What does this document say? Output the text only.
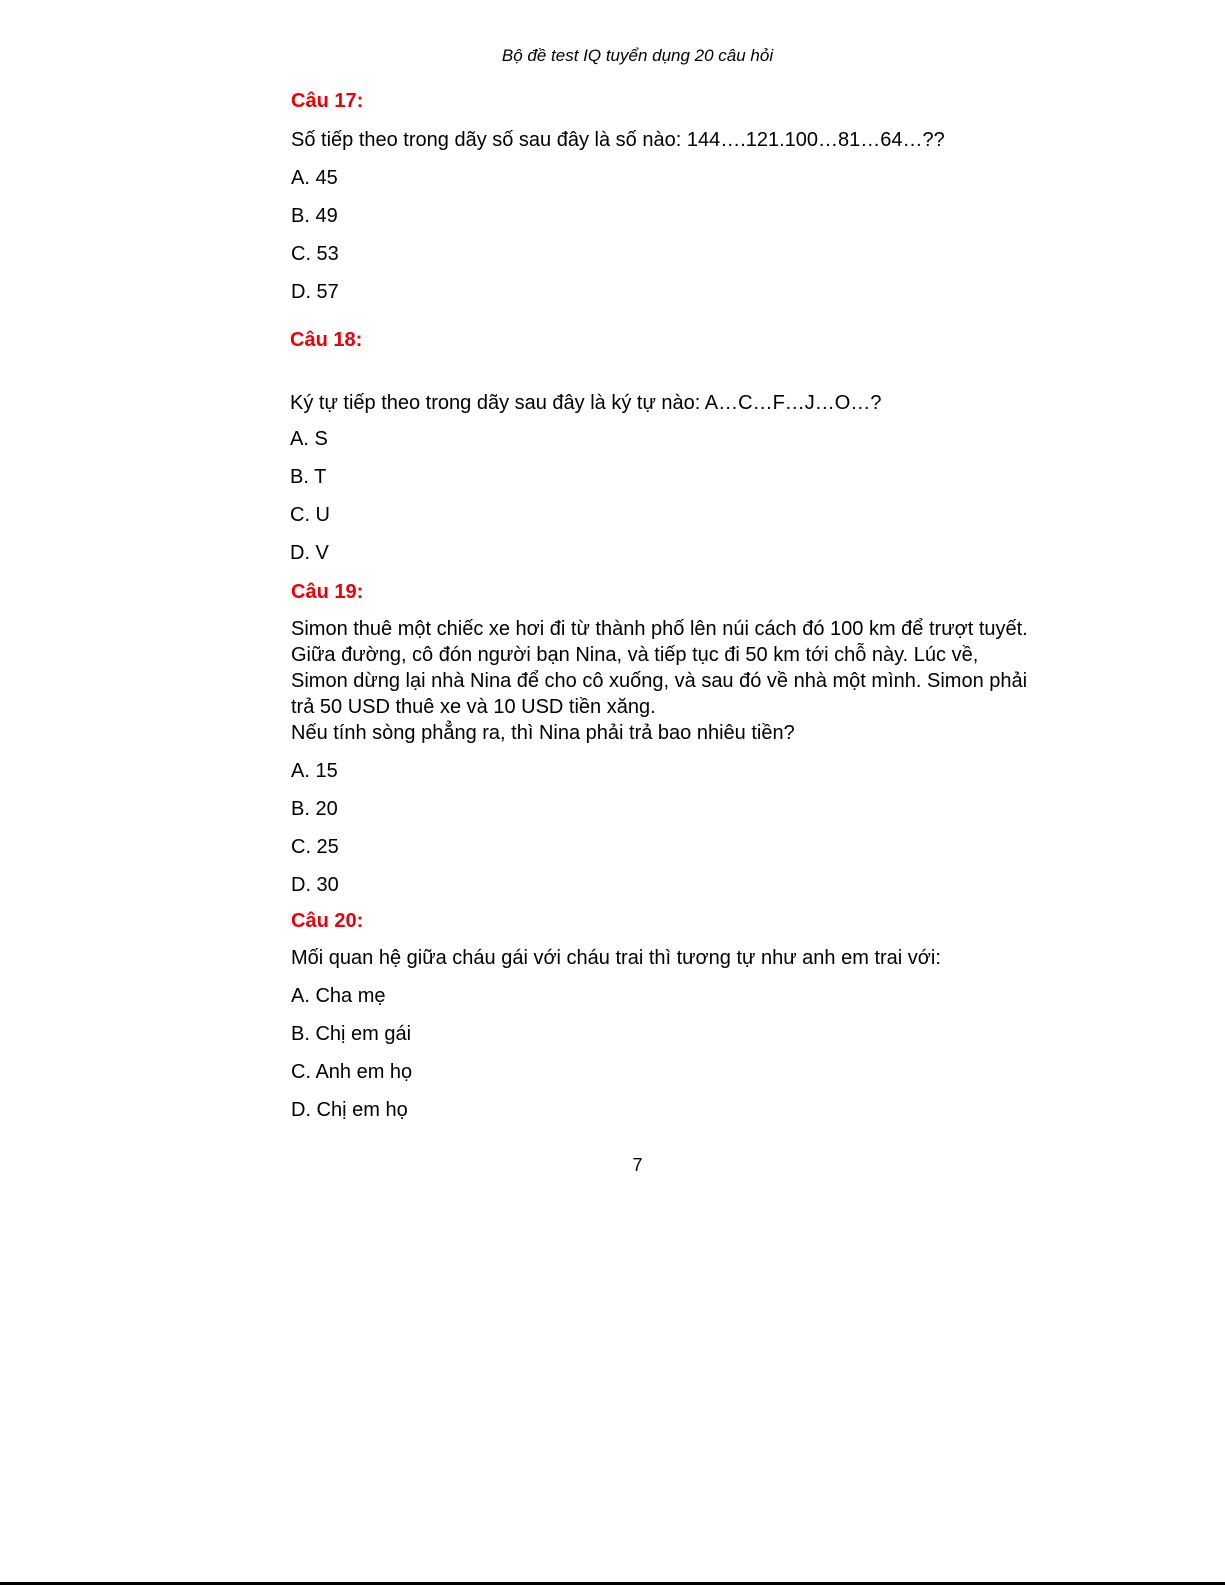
Bộ đề test IQ tuyển dụng 20 câu hỏi
Câu 17:
Số tiếp theo trong dãy số sau đây là số nào: 144….121.100…81…64…??
A. 45
B. 49
C. 53
D. 57
Câu 18:
Ký tự tiếp theo trong dãy sau đây là ký tự nào: A…C…F…J…O…?
A. S
B. T
C. U
D. V
Câu 19:
Simon thuê một chiếc xe hơi đi từ thành phố lên núi cách đó 100 km để trượt tuyết.
Giữa đường, cô đón người bạn Nina, và tiếp tục đi 50 km tới chỗ này. Lúc về,
Simon dừng lại nhà Nina để cho cô xuống, và sau đó về nhà một mình. Simon phải
trả 50 USD thuê xe và 10 USD tiền xăng.
Nếu tính sòng phẳng ra, thì Nina phải trả bao nhiêu tiền?
A. 15
B. 20
C. 25
D. 30
Câu 20:
Mối quan hệ giữa cháu gái với cháu trai thì tương tự như anh em trai với:
A. Cha mẹ
B. Chị em gái
C. Anh em họ
D. Chị em họ
7
